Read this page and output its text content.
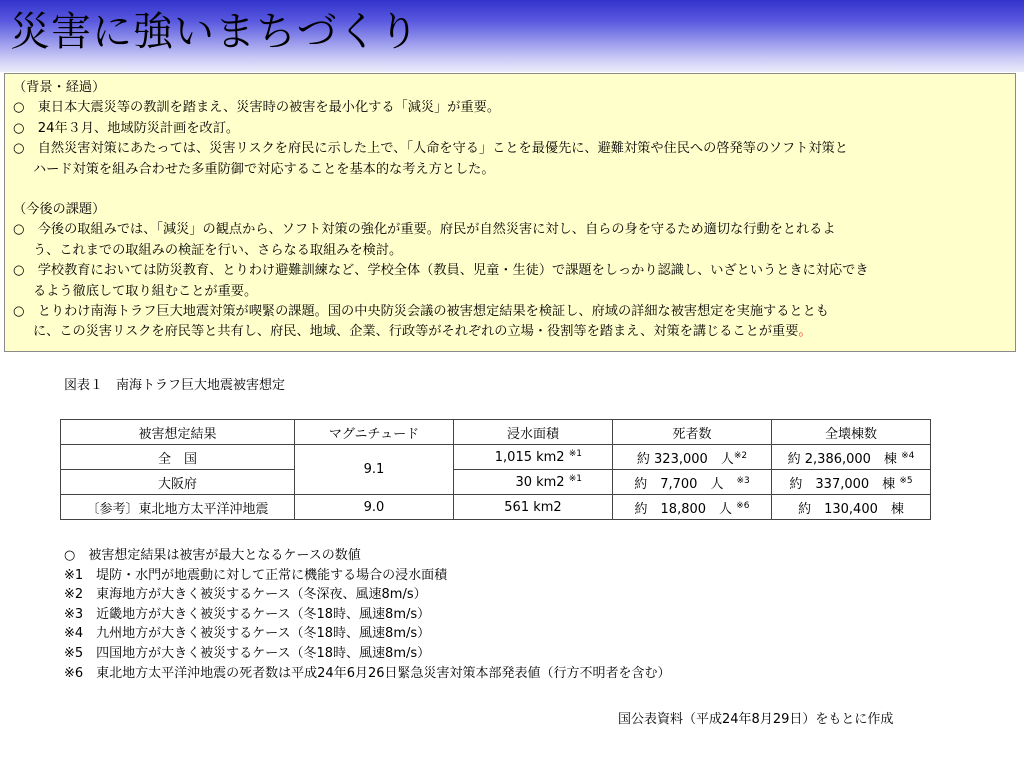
災害に強いまちづくり

（背景・経過）

○　東日本大震災等の教訓を踏まえ、災害時の被害を最小化する「減災」が重要。

○　24年３月、地域防災計画を改訂。

○　自然災害対策にあたっては、災害リスクを府民に示した上で、「人命を守る」ことを最優先に、避難対策や住民への啓発等のソフト対策と

ハード対策を組み合わせた多重防御で対応することを基本的な考え方とした。

（今後の課題）

○　今後の取組みでは、「減災」の観点から、ソフト対策の強化が重要。府民が自然災害に対し、自らの身を守るため適切な行動をとれるよ

う、これまでの取組みの検証を行い、さらなる取組みを検討。

○　学校教育においては防災教育、とりわけ避難訓練など、学校全体（教員、児童・生徒）で課題をしっかり認識し、いざというときに対応でき

るよう徹底して取り組むことが重要。

○　とりわけ南海トラフ巨大地震対策が喫緊の課題。国の中央防災会議の被害想定結果を検証し、府域の詳細な被害想定を実施するととも

に、この災害リスクを府民等と共有し、府民、地域、企業、行政等がそれぞれの立場・役割等を踏まえ、対策を講じることが重要。

図表１　南海トラフ巨大地震被害想定
被害想定結果	マグニチュード	浸水面積	死者数	全壊棟数
全　国	9.1	1,015 km2 $^{※1}$	約 323,000　人$^{※2}$	約 2,386,000　棟 $^{※4}$
大阪府		30 km2 $^{※1}$	約　7,700　人　 $^{※3}$	約　337,000　棟 $^{※5}$
〔参考〕東北地方太平洋沖地震	9.0	561 km2	約　18,800　人 $^{※6}$	約　130,400　棟

○　被害想定結果は被害が最大となるケースの数値

※1　堤防・水門が地震動に対して正常に機能する場合の浸水面積

※2　東海地方が大きく被災するケース（冬深夜、風速8m/s）

※3　近畿地方が大きく被災するケース（冬18時、風速8m/s）

※4　九州地方が大きく被災するケース（冬18時、風速8m/s）

※5　四国地方が大きく被災するケース（冬18時、風速8m/s）

※6　東北地方太平洋沖地震の死者数は平成24年6月26日緊急災害対策本部発表値（行方不明者を含む）

国公表資料（平成24年8月29日）をもとに作成
